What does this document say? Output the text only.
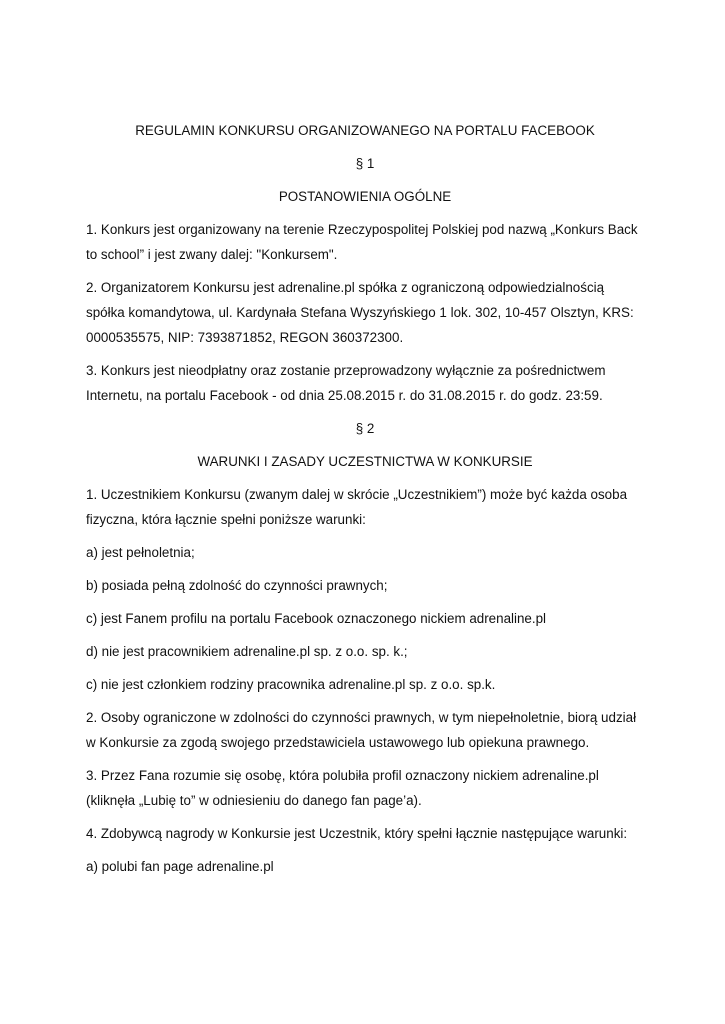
REGULAMIN KONKURSU ORGANIZOWANEGO NA PORTALU FACEBOOK
§ 1
POSTANOWIENIA OGÓLNE

1. Konkurs jest organizowany na terenie Rzeczypospolitej Polskiej pod nazwą „Konkurs Back to school” i jest zwany dalej: "Konkursem".

2. Organizatorem Konkursu jest adrenaline.pl spółka z ograniczoną odpowiedzialnością spółka komandytowa, ul. Kardynała Stefana Wyszyńskiego 1 lok. 302, 10-457 Olsztyn, KRS: 0000535575, NIP: 7393871852, REGON 360372300.

3. Konkurs jest nieodpłatny oraz zostanie przeprowadzony wyłącznie za pośrednictwem Internetu, na portalu Facebook - od dnia 25.08.2015 r. do 31.08.2015 r. do godz. 23:59.

§ 2
WARUNKI I ZASADY UCZESTNICTWA W KONKURSIE

1. Uczestnikiem Konkursu (zwanym dalej w skrócie „Uczestnikiem”) może być każda osoba fizyczna, która łącznie spełni poniższe warunki:

a) jest pełnoletnia;

b) posiada pełną zdolność do czynności prawnych;

c) jest Fanem profilu na portalu Facebook oznaczonego nickiem adrenaline.pl

d) nie jest pracownikiem adrenaline.pl sp. z o.o. sp. k.;

c) nie jest członkiem rodziny pracownika adrenaline.pl sp. z o.o. sp.k.

2. Osoby ograniczone w zdolności do czynności prawnych, w tym niepełnoletnie, biorą udział w Konkursie za zgodą swojego przedstawiciela ustawowego lub opiekuna prawnego.

3. Przez Fana rozumie się osobę, która polubiła profil oznaczony nickiem adrenaline.pl (kliknęła „Lubię to” w odniesieniu do danego fan page’a).

4. Zdobywcą nagrody w Konkursie jest Uczestnik, który spełni łącznie następujące warunki:

a) polubi fan page adrenaline.pl
